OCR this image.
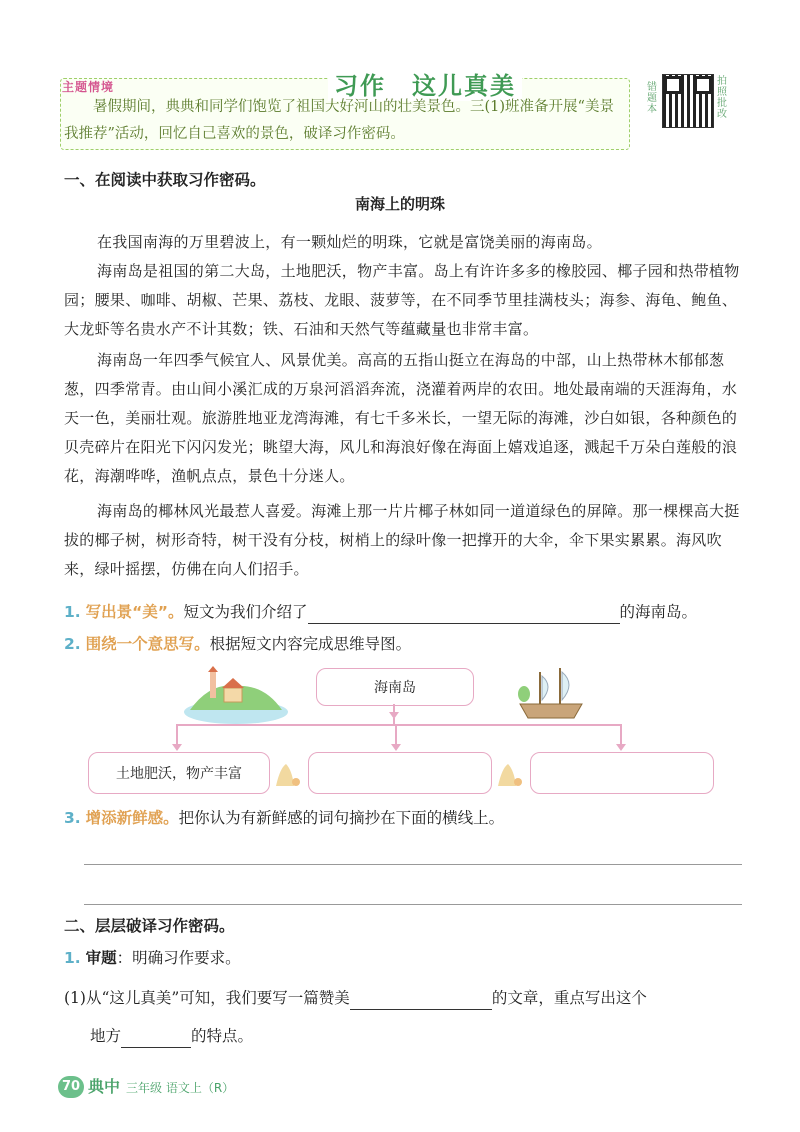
主题情境	习作　这儿真美
暑假期间，典典和同学们饱览了祖国大好河山的壮美景色。三(1)班准备开展“美景我推荐”活动，回忆自己喜欢的景色，破译习作密码。
错题本
拍照批改
一、在阅读中获取习作密码。
南海上的明珠
在我国南海的万里碧波上，有一颗灿烂的明珠，它就是富饶美丽的海南岛。
海南岛是祖国的第二大岛，土地肥沃，物产丰富。岛上有许许多多的橡胶园、椰子园和热带植物园；腰果、咖啡、胡椒、芒果、荔枝、龙眼、菠萝等，在不同季节里挂满枝头；海参、海龟、鲍鱼、大龙虾等名贵水产不计其数；铁、石油和天然气等蕴藏量也非常丰富。
海南岛一年四季气候宜人、风景优美。高高的五指山挺立在海岛的中部，山上热带林木郁郁葱葱，四季常青。由山间小溪汇成的万泉河滔滔奔流，浇灌着两岸的农田。地处最南端的天涯海角，水天一色，美丽壮观。旅游胜地亚龙湾海滩，有七千多米长，一望无际的海滩，沙白如银，各种颜色的贝壳碎片在阳光下闪闪发光；眺望大海，风儿和海浪好像在海面上嬉戏追逐，溅起千万朵白莲般的浪花，海潮哗哗，渔帆点点，景色十分迷人。
海南岛的椰林风光最惹人喜爱。海滩上那一片片椰子林如同一道道绿色的屏障。那一棵棵高大挺拔的椰子树，树形奇特，树干没有分枝，树梢上的绿叶像一把撑开的大伞，伞下果实累累。海风吹来，绿叶摇摆，仿佛在向人们招手。
1. 写出景“美”。短文为我们介绍了	的海南岛。
2. 围绕一个意思写。根据短文内容完成思维导图。
海南岛
土地肥沃，物产丰富
3. 增添新鲜感。把你认为有新鲜感的词句摘抄在下面的横线上。
二、层层破译习作密码。
1. 审题：明确习作要求。
(1)从“这儿真美”可知，我们要写一篇赞美	的文章，重点写出这个
地方	的特点。
70 典中 三年级 语文上（R）
